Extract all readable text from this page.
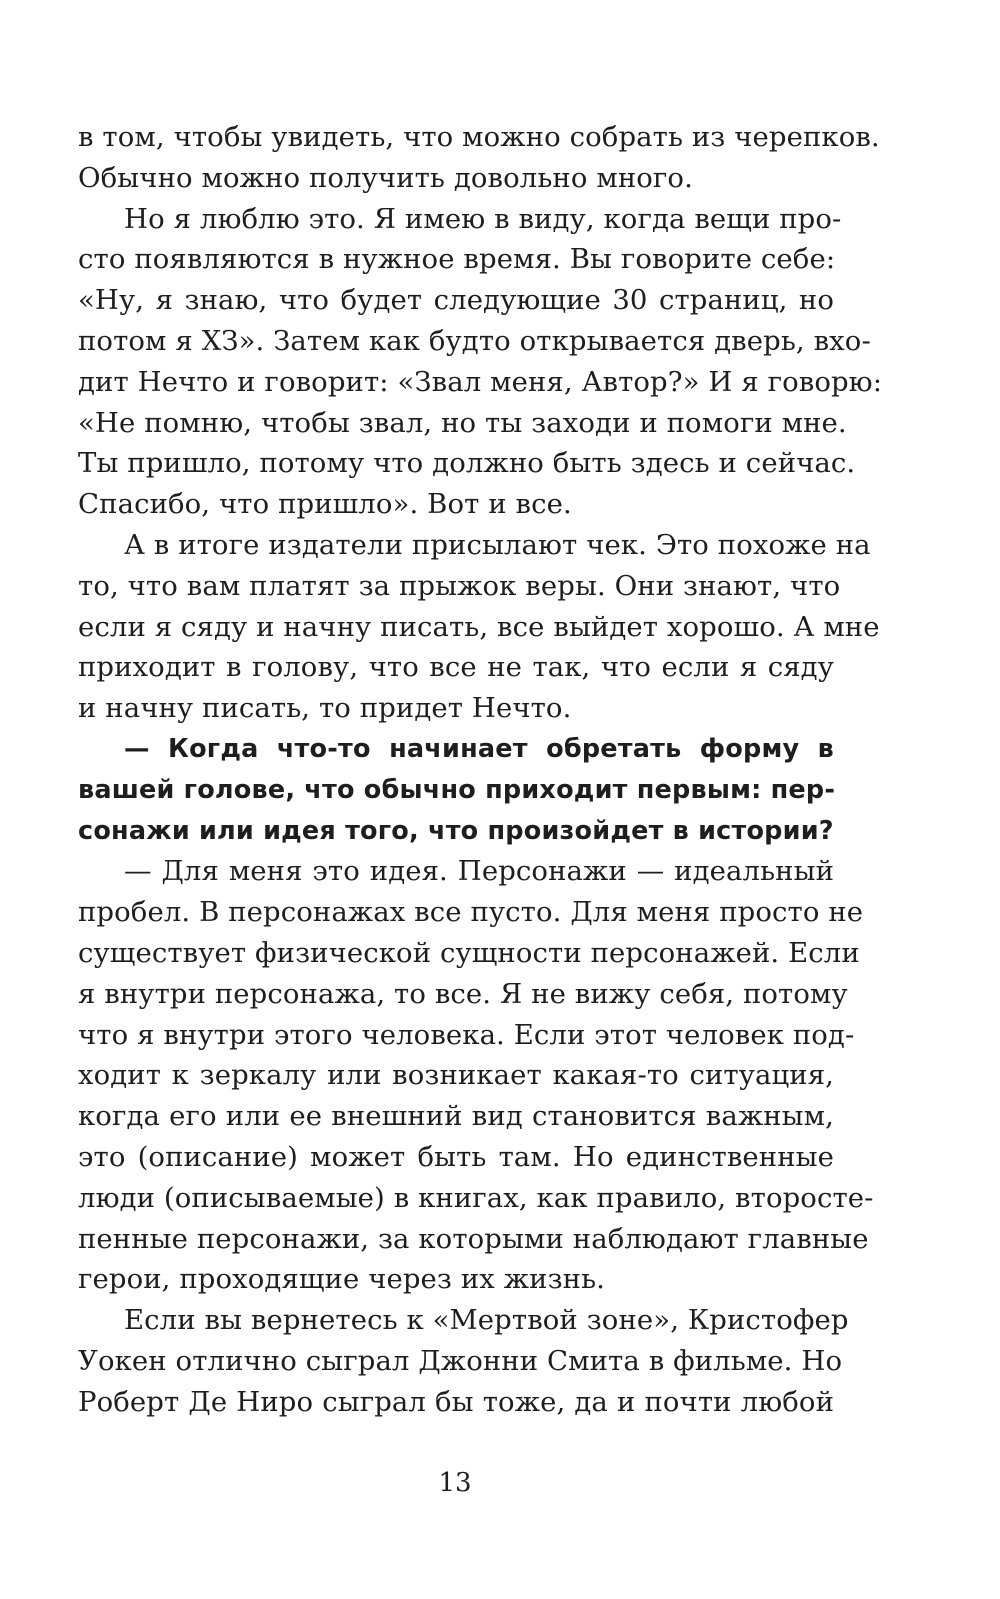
в том, чтобы увидеть, что можно собрать из черепков.
Обычно можно получить довольно много.
Но я люблю это. Я имею в виду, когда вещи про-
сто появляются в нужное время. Вы говорите себе:
«Ну, я знаю, что будет следующие 30 страниц, но
потом я ХЗ». Затем как будто открывается дверь, вхо-
дит Нечто и говорит: «Звал меня, Автор?» И я говорю:
«Не помню, чтобы звал, но ты заходи и помоги мне.
Ты пришло, потому что должно быть здесь и сейчас.
Спасибо, что пришло». Вот и все.
А в итоге издатели присылают чек. Это похоже на
то, что вам платят за прыжок веры. Они знают, что
если я сяду и начну писать, все выйдет хорошо. А мне
приходит в голову, что все не так, что если я сяду
и начну писать, то придет Нечто.
— Когда что-то начинает обретать форму в
вашей голове, что обычно приходит первым: пер-
сонажи или идея того, что произойдет в истории?
— Для меня это идея. Персонажи — идеальный
пробел. В персонажах все пусто. Для меня просто не
существует физической сущности персонажей. Если
я внутри персонажа, то все. Я не вижу себя, потому
что я внутри этого человека. Если этот человек под-
ходит к зеркалу или возникает какая-то ситуация,
когда его или ее внешний вид становится важным,
это (описание) может быть там. Но единственные
люди (описываемые) в книгах, как правило, второсте-
пенные персонажи, за которыми наблюдают главные
герои, проходящие через их жизнь.
Если вы вернетесь к «Мертвой зоне», Кристофер
Уокен отлично сыграл Джонни Смита в фильме. Но
Роберт Де Ниро сыграл бы тоже, да и почти любой
13
